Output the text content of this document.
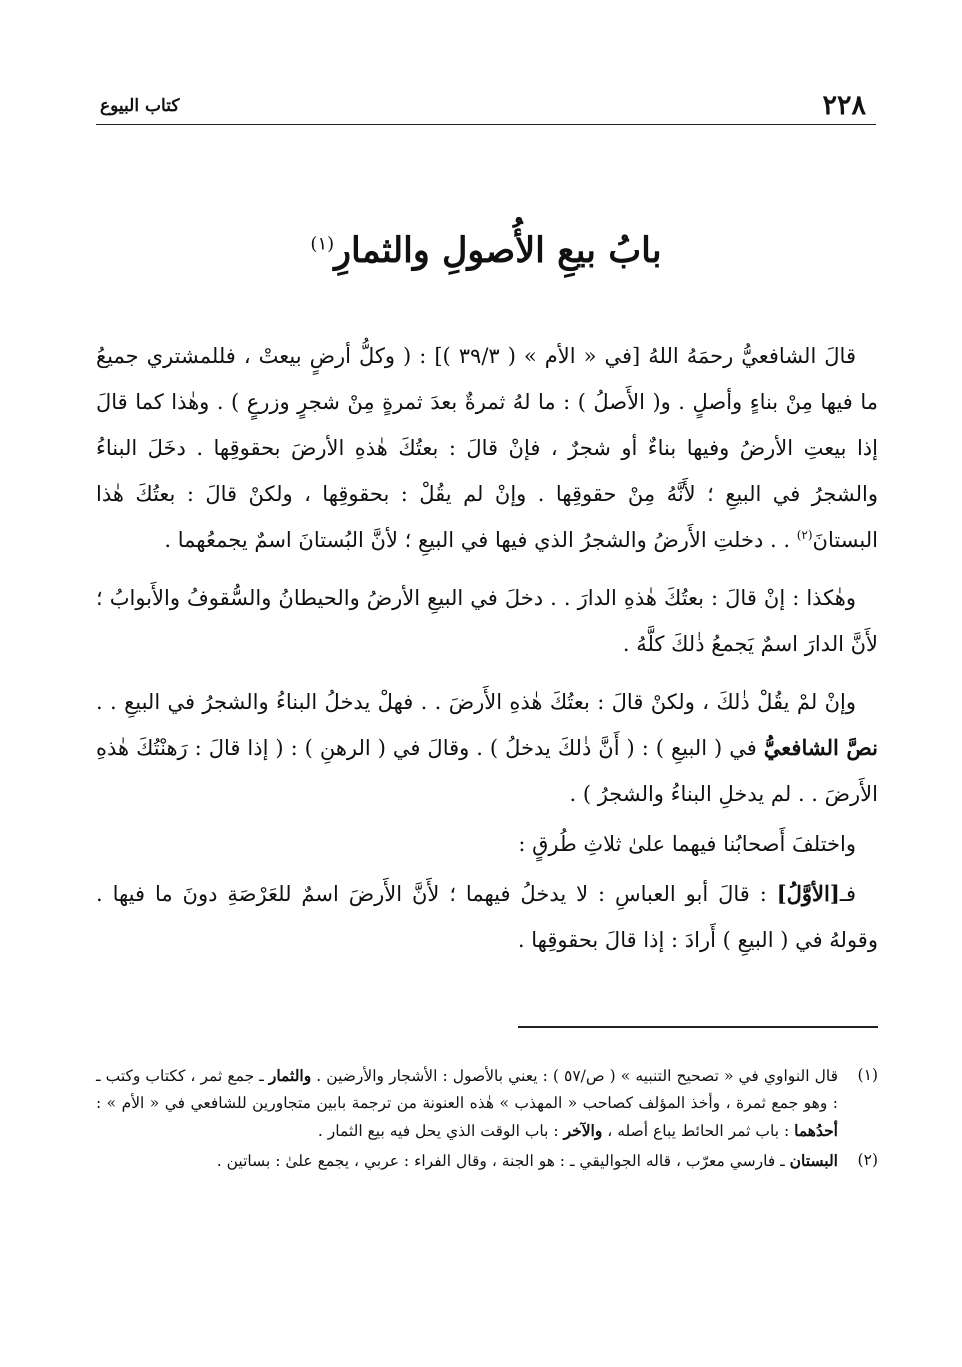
٢٢٨
كتاب البيوع
بابُ بيعِ الأُصولِ والثمارِ$^{(١)}$

قالَ الشافعيُّ رحمَهُ اللهُ [في « الأم » ( ٣٩/٣ )] : ( وكلُّ أرضٍ بيعتْ ، فللمشتري جميعُ ما فيها مِنْ بناءٍ وأصلٍ . و( الأَصلُ ) : ما لهُ ثمرةٌ بعدَ ثمرةٍ مِنْ شجرٍ وزرعٍ ) . وهٰذا كما قالَ إذا بيعتِ الأرضُ وفيها بناءٌ أو شجرٌ ، فإنْ قالَ : بعتُكَ هٰذهِ الأرضَ بحقوقِها . دخَلَ البناءُ والشجرُ في البيعِ ؛ لأَنَّهُ مِنْ حقوقِها . وإنْ لم يقُلْ : بحقوقِها ، ولكنْ قالَ : بعتُكَ هٰذا البستانَ$^{(٢)}$ . . دخلتِ الأَرضُ والشجرُ الذي فيها في البيعِ ؛ لأنَّ البُستانَ اسمٌ يجمعُهما .

وهٰكذا : إنْ قالَ : بعتُكَ هٰذهِ الدارَ . . دخلَ في البيعِ الأرضُ والحيطانُ والسُّقوفُ والأَبوابُ ؛ لأَنَّ الدارَ اسمٌ يَجمعُ ذٰلكَ كلَّهُ .

وإنْ لمْ يقُلْ ذٰلكَ ، ولكنْ قالَ : بعتُكَ هٰذهِ الأَرضَ . . فهلْ يدخلُ البناءُ والشجرُ في البيعِ . . نصَّ الشافعيُّ في ( البيعِ ) : ( أَنَّ ذٰلكَ يدخلُ ) . وقالَ في ( الرهنِ ) : ( إذا قالَ : رَهنْتُكَ هٰذهِ الأَرضَ . . لم يدخلِ البناءُ والشجرُ ) .

واختلفَ أَصحابُنا فيهما علىٰ ثلاثِ طُرقٍ :

فـ[الأوَّلُ] : قالَ أبو العباسِ : لا يدخلُ فيهما ؛ لأَنَّ الأَرضَ اسمٌ للعَرْصَةِ دونَ ما فيها . وقولهُ في ( البيعِ ) أَرادَ : إذا قالَ بحقوقِها .

(١)
قال النواوي في « تصحيح التنبيه » ( ص/٥٧ ) : يعني بالأصول : الأشجار والأرضين . والثمار ـ جمع ثمر ، ككتاب وكتب ـ : وهو جمع ثمرة ، وأخذ المؤلف كصاحب « المهذب » هٰذه العنونة من ترجمة بابين متجاورين للشافعي في « الأم » : أحدُهما : باب ثمر الحائط يباع أصله ، والآخر : باب الوقت الذي يحل فيه بيع الثمار .
(٢)
البستان ـ فارسي معرّب ، قاله الجواليقي ـ : هو الجنة ، وقال الفراء : عربي ، يجمع علىٰ : بساتين .
